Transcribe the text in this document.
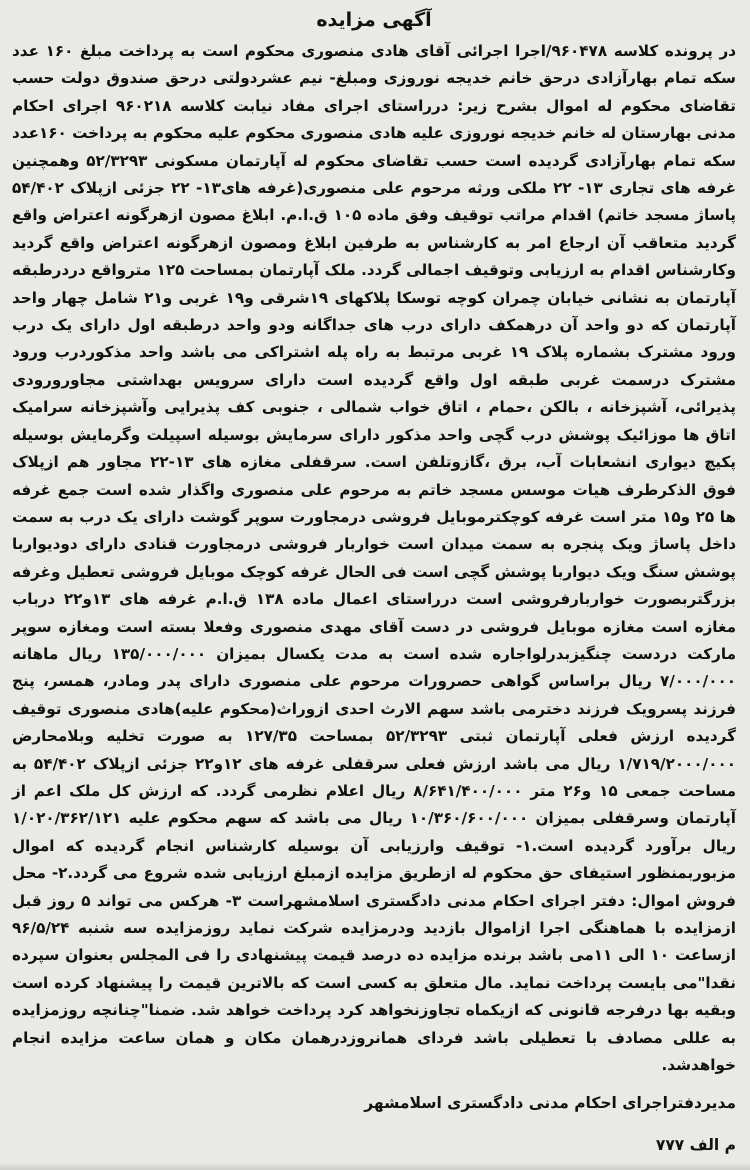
آگهی مزایده

در پرونده کلاسه ۹۶۰۴۷۸/اجرا اجرائی آقای هادی منصوری محکوم است به پرداخت مبلغ ۱۶۰ عدد سکه تمام بهارآزادی درحق خانم خدیجه نوروزی ومبلغ- نیم عشردولتی درحق صندوق دولت حسب تقاضای محکوم له اموال بشرح زیر: درراستای اجرای مفاد نیابت کلاسه ۹۶۰۲۱۸ اجرای احکام مدنی بهارستان له خانم خدیجه نوروزی علیه هادی منصوری محکوم علیه محکوم به پرداخت ۱۶۰عدد سکه تمام بهارآزادی گردیده است حسب تقاضای محکوم له آپارتمان مسکونی ۵۲/۳۲۹۳ وهمچنین غرفه های تجاری ۱۳- ۲۲ ملکی ورثه مرحوم علی منصوری(غرفه های۱۳- ۲۲ جزئی ازپلاک ۵۴/۴۰۲ پاساژ مسجد خاتم) اقدام مراتب توقیف وفق ماده ۱۰۵ ق.ا.م. ابلاغ مصون ازهرگونه اعتراض واقع گردید متعاقب آن ارجاع امر به کارشناس به طرفین ابلاغ ومصون ازهرگونه اعتراض واقع گردید وکارشناس اقدام به ارزیابی وتوقیف اجمالی گردد. ملک آپارتمان بمساحت ۱۲۵ مترواقع دردرطبقه آپارتمان به نشانی خیابان چمران کوچه توسکا پلاکهای ۱۹شرقی و۱۹ غربی و۲۱ شامل چهار واحد آپارتمان که دو واحد آن درهمکف دارای درب های جداگانه ودو واحد درطبقه اول دارای یک درب ورود مشترک بشماره پلاک ۱۹ غربی مرتبط به راه پله اشتراکی می باشد واحد مذکوردرب ورود مشترک درسمت غربی طبقه اول واقع گردیده است دارای سرویس بهداشتی مجاورورودی پذیرائی، آشپزخانه ، بالکن ،حمام ، اتاق خواب شمالی ، جنوبی کف پذیرایی وآشپزخانه سرامیک اتاق ها موزائیک پوشش درب گچی واحد مذکور دارای سرمایش بوسیله اسپیلت وگرمایش بوسیله پکیچ دیواری انشعابات آب، برق ،گازوتلفن است. سرقفلی مغازه های ۱۳-۲۲ مجاور هم ازپلاک فوق الذکرطرف هیات موسس مسجد خاتم به مرحوم علی منصوری واگذار شده است جمع غرفه ها ۲۵ و۱۵ متر است غرفه کوچکترموبایل فروشی درمجاورت سوپر گوشت دارای یک درب به سمت داخل پاساژ ویک پنجره به سمت میدان است خواربار فروشی درمجاورت قنادی دارای دودیواربا پوشش سنگ ویک دیواربا پوشش گچی است فی الحال غرفه کوچک موبایل فروشی تعطیل وغرفه بزرگتربصورت خواربارفروشی است درراستای اعمال ماده ۱۳۸ ق.ا.م غرفه های ۱۳و۲۲ درباب مغازه است مغازه موبایل فروشی در دست آقای مهدی منصوری وفعلا بسته است ومغازه سوپر مارکت دردست چنگیزبدرلواجاره شده است به مدت یکسال بمیزان ۱۳۵/۰۰۰/۰۰۰ ریال ماهانه ۷/۰۰۰/۰۰۰ ریال براساس گواهی حصرورات مرحوم علی منصوری دارای پدر ومادر، همسر، پنج فرزند پسرویک فرزند دخترمی باشد سهم الارث احدی ازوراث(محکوم علیه)هادی منصوری توقیف گردیده ارزش فعلی آپارتمان ثبتی ۵۲/۳۲۹۳ بمساحت ۱۲۷/۳۵ به صورت تخلیه وبلامحارض ۱/۷۱۹/۲۰۰۰/۰۰۰ ریال می باشد ارزش فعلی سرقفلی غرفه های ۱۲و۲۲ جزئی ازپلاک ۵۴/۴۰۲ به مساحت جمعی ۱۵ و۲۶ متر ۸/۶۴۱/۴۰۰/۰۰۰ ریال اعلام نظرمی گردد. که ارزش کل ملک اعم از آپارتمان وسرقفلی بمیزان ۱۰/۳۶۰/۶۰۰/۰۰۰ ریال می باشد که سهم محکوم علیه ۱/۰۲۰/۳۶۲/۱۲۱ ریال برآورد گردیده است.۱- توقیف وارزیابی آن بوسیله کارشناس انجام گردیده که اموال مزبوربمنظور استیفای حق محکوم له ازطریق مزایده ازمبلغ ارزیابی شده شروع می گردد.۲- محل فروش اموال: دفتر اجرای احکام مدنی دادگستری اسلامشهراست ۳- هرکس می تواند ۵ روز قبل ازمزایده با هماهنگی اجرا ازاموال بازدید ودرمزایده شرکت نماید روزمزایده سه شنبه ۹۶/۵/۲۴ ازساعت ۱۰ الی ۱۱می باشد برنده مزایده ده درصد قیمت پیشنهادی را فی المجلس بعنوان سپرده نقدا"می بایست پرداخت نماید. مال متعلق به کسی است که بالاترین قیمت را پیشنهاد کرده است وبقیه بها درفرجه قانونی که ازیکماه تجاوزنخواهد کرد پرداخت خواهد شد. ضمنا"چنانچه روزمزایده به عللی مصادف با تعطیلی باشد فردای همانروزدرهمان مکان و همان ساعت مزایده انجام خواهدشد.

مدیردفتراجرای احکام مدنی دادگستری اسلامشهر
م الف ۷۷۷
